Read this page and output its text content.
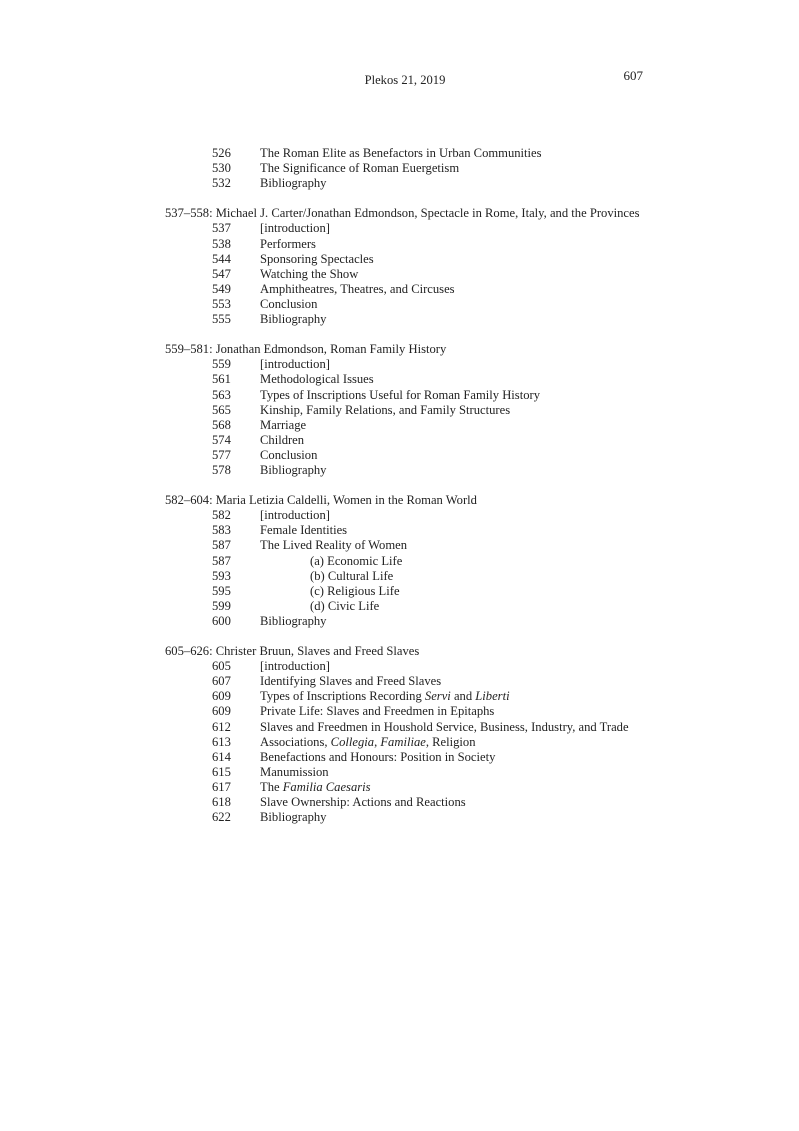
Plekos 21, 2019	607
526	The Roman Elite as Benefactors in Urban Communities
530	The Significance of Roman Euergetism
532	Bibliography
537–558: Michael J. Carter/Jonathan Edmondson, Spectacle in Rome, Italy, and the Provinces
537	[introduction]
538	Performers
544	Sponsoring Spectacles
547	Watching the Show
549	Amphitheatres, Theatres, and Circuses
553	Conclusion
555	Bibliography
559–581: Jonathan Edmondson, Roman Family History
559	[introduction]
561	Methodological Issues
563	Types of Inscriptions Useful for Roman Family History
565	Kinship, Family Relations, and Family Structures
568	Marriage
574	Children
577	Conclusion
578	Bibliography
582–604: Maria Letizia Caldelli, Women in the Roman World
582	[introduction]
583	Female Identities
587	The Lived Reality of Women
587	(a) Economic Life
593	(b) Cultural Life
595	(c) Religious Life
599	(d) Civic Life
600	Bibliography
605–626: Christer Bruun, Slaves and Freed Slaves
605	[introduction]
607	Identifying Slaves and Freed Slaves
609	Types of Inscriptions Recording Servi and Liberti
609	Private Life: Slaves and Freedmen in Epitaphs
612	Slaves and Freedmen in Houshold Service, Business, Industry, and Trade
613	Associations, Collegia, Familiae, Religion
614	Benefactions and Honours: Position in Society
615	Manumission
617	The Familia Caesaris
618	Slave Ownership: Actions and Reactions
622	Bibliography
